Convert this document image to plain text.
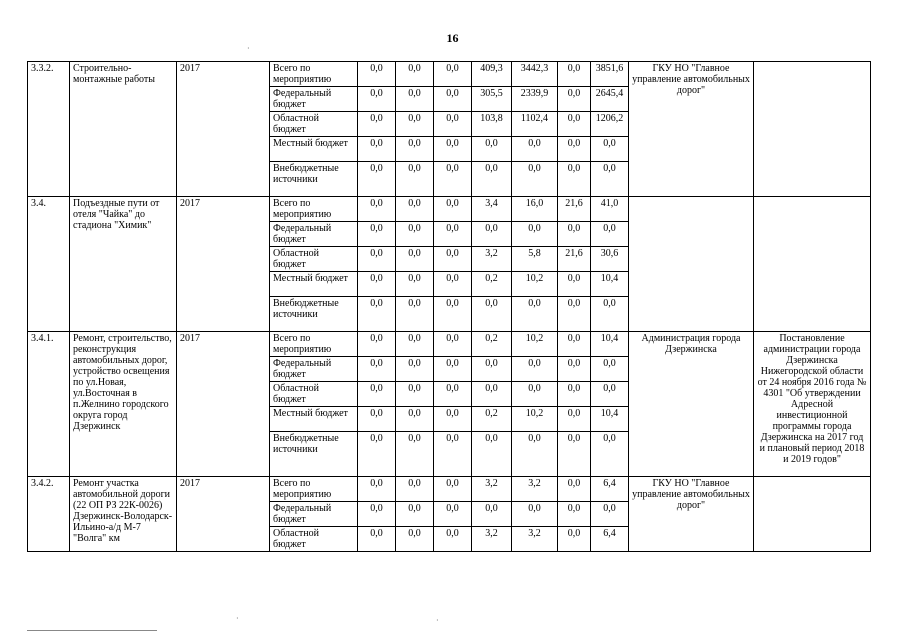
16
3.3.2.	Строительно-монтажные работы	2017	Всего по мероприятию	0,0	0,0	0,0	409,3	3442,3	0,0	3851,6	ГКУ НО "Главное управление автомобильных дорог"	
			Федеральный бюджет	0,0	0,0	0,0	305,5	2339,9	0,0	2645,4		
			Областной бюджет	0,0	0,0	0,0	103,8	1102,4	0,0	1206,2		
			Местный бюджет	0,0	0,0	0,0	0,0	0,0	0,0	0,0		
			Внебюджетные источники	0,0	0,0	0,0	0,0	0,0	0,0	0,0		
3.4.	Подъездные пути от отеля "Чайка" до стадиона "Химик"	2017	Всего по мероприятию	0,0	0,0	0,0	3,4	16,0	21,6	41,0		
			Федеральный бюджет	0,0	0,0	0,0	0,0	0,0	0,0	0,0		
			Областной бюджет	0,0	0,0	0,0	3,2	5,8	21,6	30,6		
			Местный бюджет	0,0	0,0	0,0	0,2	10,2	0,0	10,4		
			Внебюджетные источники	0,0	0,0	0,0	0,0	0,0	0,0	0,0		
3.4.1.	Ремонт, строительство, реконструкция автомобильных дорог, устройство освещения по ул.Новая, ул.Восточная в п.Желнино городского округа город Дзержинск	2017	Всего по мероприятию	0,0	0,0	0,0	0,2	10,2	0,0	10,4	Администрация города Дзержинска	Постановление администрации города Дзержинска Нижегородской области от 24 ноября 2016 года № 4301 "Об утверждении Адресной инвестиционной программы города Дзержинска на 2017 год и плановый период 2018 и 2019 годов"
			Федеральный бюджет	0,0	0,0	0,0	0,0	0,0	0,0	0,0		
			Областной бюджет	0,0	0,0	0,0	0,0	0,0	0,0	0,0		
			Местный бюджет	0,0	0,0	0,0	0,2	10,2	0,0	10,4		
			Внебюджетные источники	0,0	0,0	0,0	0,0	0,0	0,0	0,0		
3.4.2.	Ремонт участка автомобильной дороги (22 ОП РЗ 22К-0026) Дзержинск-Володарск-Ильино-а/д М-7 "Волга" км	2017	Всего по мероприятию	0,0	0,0	0,0	3,2	3,2	0,0	6,4	ГКУ НО "Главное управление автомобильных дорог"	
			Федеральный бюджет	0,0	0,0	0,0	0,0	0,0	0,0	0,0		
			Областной бюджет	0,0	0,0	0,0	3,2	3,2	0,0	6,4		
·
·	·
